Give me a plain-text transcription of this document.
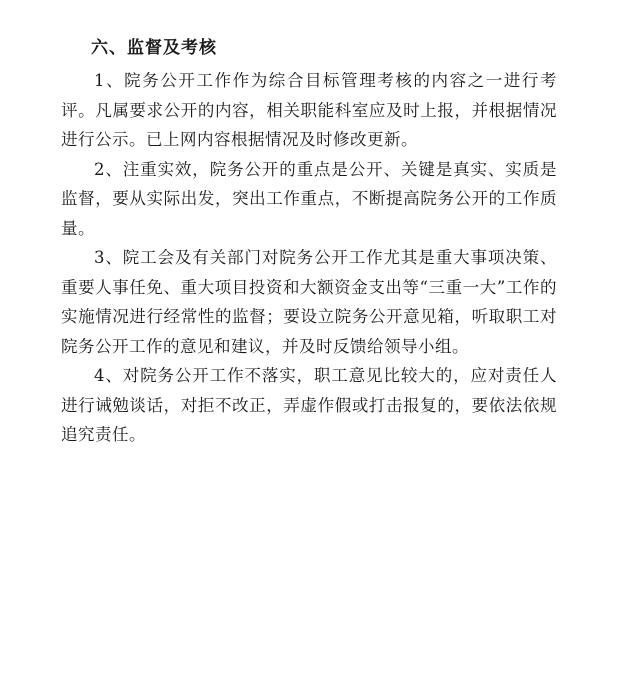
六、监督及考核

1、院务公开工作作为综合目标管理考核的内容之一进行考评。凡属要求公开的内容，相关职能科室应及时上报，并根据情况进行公示。已上网内容根据情况及时修改更新。

2、注重实效，院务公开的重点是公开、关键是真实、实质是监督，要从实际出发，突出工作重点，不断提高院务公开的工作质量。

3、院工会及有关部门对院务公开工作尤其是重大事项决策、重要人事任免、重大项目投资和大额资金支出等“三重一大”工作的实施情况进行经常性的监督；要设立院务公开意见箱，听取职工对院务公开工作的意见和建议，并及时反馈给领导小组。

4、对院务公开工作不落实，职工意见比较大的，应对责任人进行诫勉谈话，对拒不改正，弄虚作假或打击报复的，要依法依规追究责任。
